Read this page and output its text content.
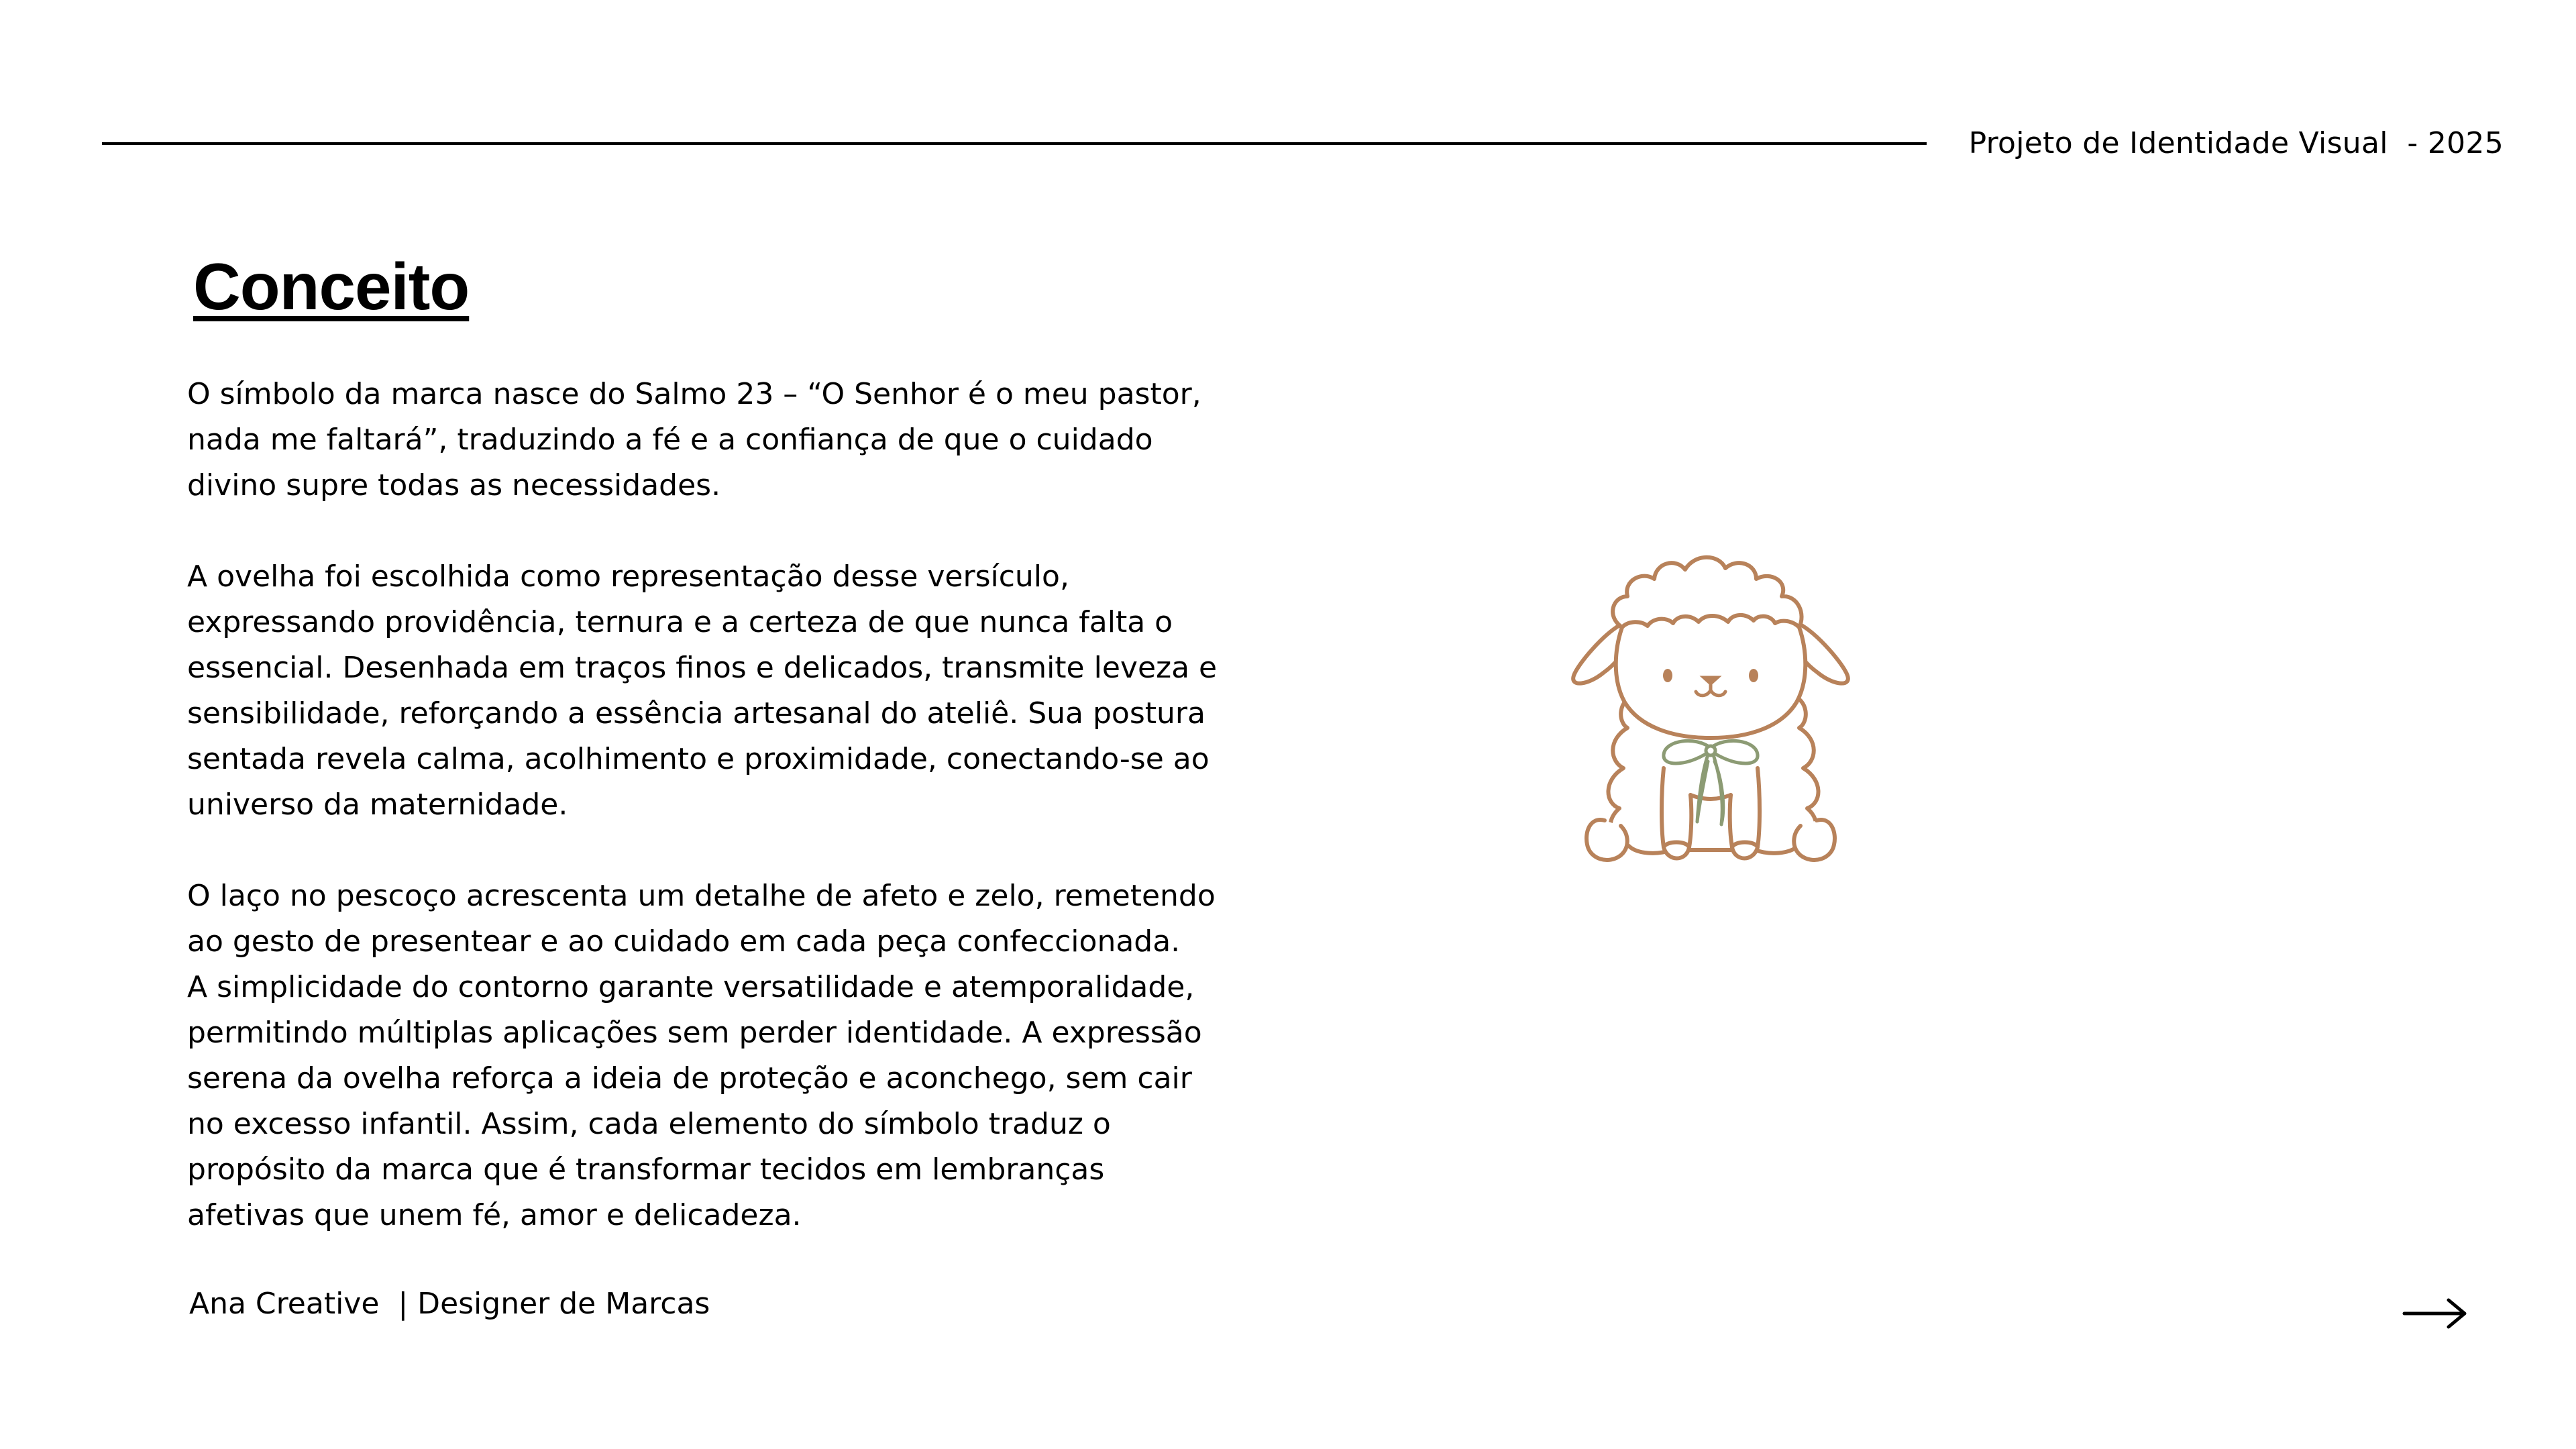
Projeto de Identidade Visual  - 2025
Conceito

O símbolo da marca nasce do Salmo 23 – “O Senhor é o meu pastor,
nada me faltará”, traduzindo a fé e a confiança de que o cuidado
divino supre todas as necessidades.

A ovelha foi escolhida como representação desse versículo,
expressando providência, ternura e a certeza de que nunca falta o
essencial. Desenhada em traços finos e delicados, transmite leveza e
sensibilidade, reforçando a essência artesanal do ateliê. Sua postura
sentada revela calma, acolhimento e proximidade, conectando-se ao
universo da maternidade.

O laço no pescoço acrescenta um detalhe de afeto e zelo, remetendo
ao gesto de presentear e ao cuidado em cada peça confeccionada.
A simplicidade do contorno garante versatilidade e atemporalidade,
permitindo múltiplas aplicações sem perder identidade. A expressão
serena da ovelha reforça a ideia de proteção e aconchego, sem cair
no excesso infantil. Assim, cada elemento do símbolo traduz o
propósito da marca que é transformar tecidos em lembranças
afetivas que unem fé, amor e delicadeza.

Ana Creative  | Designer de Marcas
